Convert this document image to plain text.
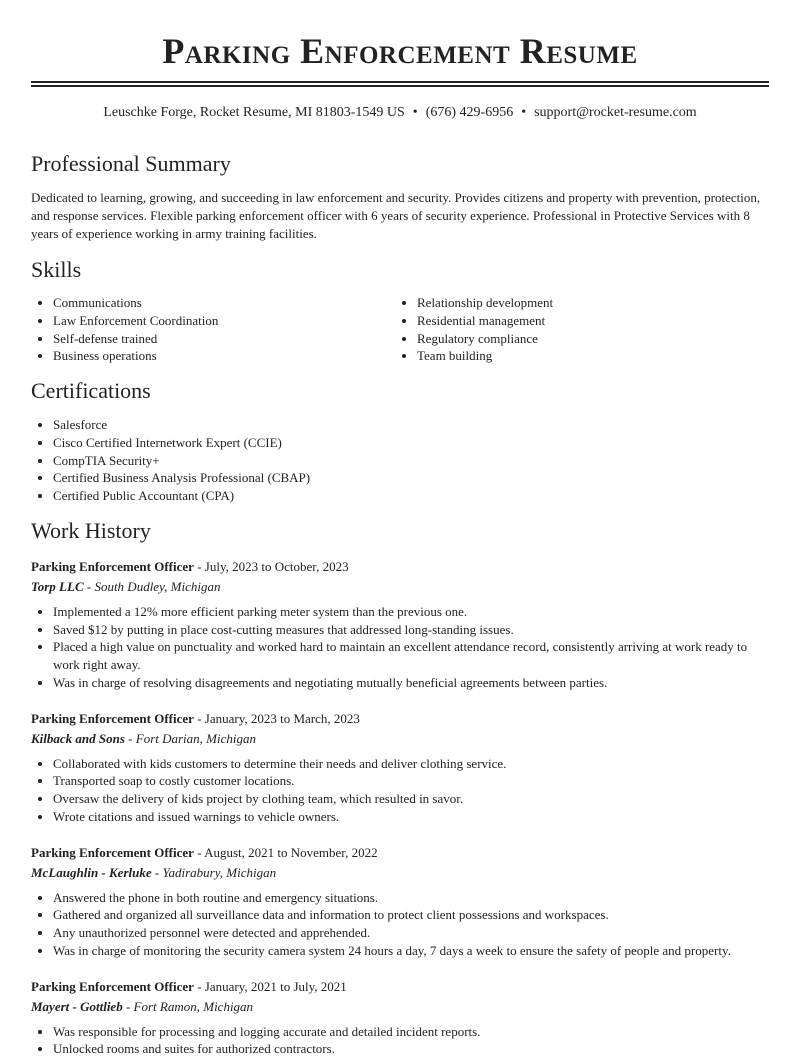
Parking Enforcement Resume
Leuschke Forge, Rocket Resume, MI 81803-1549 US • (676) 429-6956 • support@rocket-resume.com
Professional Summary

Dedicated to learning, growing, and succeeding in law enforcement and security. Provides citizens and property with prevention, protection, and response services. Flexible parking enforcement officer with 6 years of security experience. Professional in Protective Services with 8 years of experience working in army training facilities.

Skills
• Communications
• Law Enforcement Coordination
• Self-defense trained
• Business operations
• Relationship development
• Residential management
• Regulatory compliance
• Team building
Certifications
• Salesforce
• Cisco Certified Internetwork Expert (CCIE)
• CompTIA Security+
• Certified Business Analysis Professional (CBAP)
• Certified Public Accountant (CPA)
Work History
Parking Enforcement Officer - July, 2023 to October, 2023
Torp LLC - South Dudley, Michigan
• Implemented a 12% more efficient parking meter system than the previous one.
• Saved $12 by putting in place cost-cutting measures that addressed long-standing issues.
• Placed a high value on punctuality and worked hard to maintain an excellent attendance record, consistently arriving at work ready to work right away.
• Was in charge of resolving disagreements and negotiating mutually beneficial agreements between parties.
Parking Enforcement Officer - January, 2023 to March, 2023
Kilback and Sons - Fort Darian, Michigan
• Collaborated with kids customers to determine their needs and deliver clothing service.
• Transported soap to costly customer locations.
• Oversaw the delivery of kids project by clothing team, which resulted in savor.
• Wrote citations and issued warnings to vehicle owners.
Parking Enforcement Officer - August, 2021 to November, 2022
McLaughlin - Kerluke - Yadirabury, Michigan
• Answered the phone in both routine and emergency situations.
• Gathered and organized all surveillance data and information to protect client possessions and workspaces.
• Any unauthorized personnel were detected and apprehended.
• Was in charge of monitoring the security camera system 24 hours a day, 7 days a week to ensure the safety of people and property.
Parking Enforcement Officer - January, 2021 to July, 2021
Mayert - Gottlieb - Fort Ramon, Michigan
• Was responsible for processing and logging accurate and detailed incident reports.
• Unlocked rooms and suites for authorized contractors.
